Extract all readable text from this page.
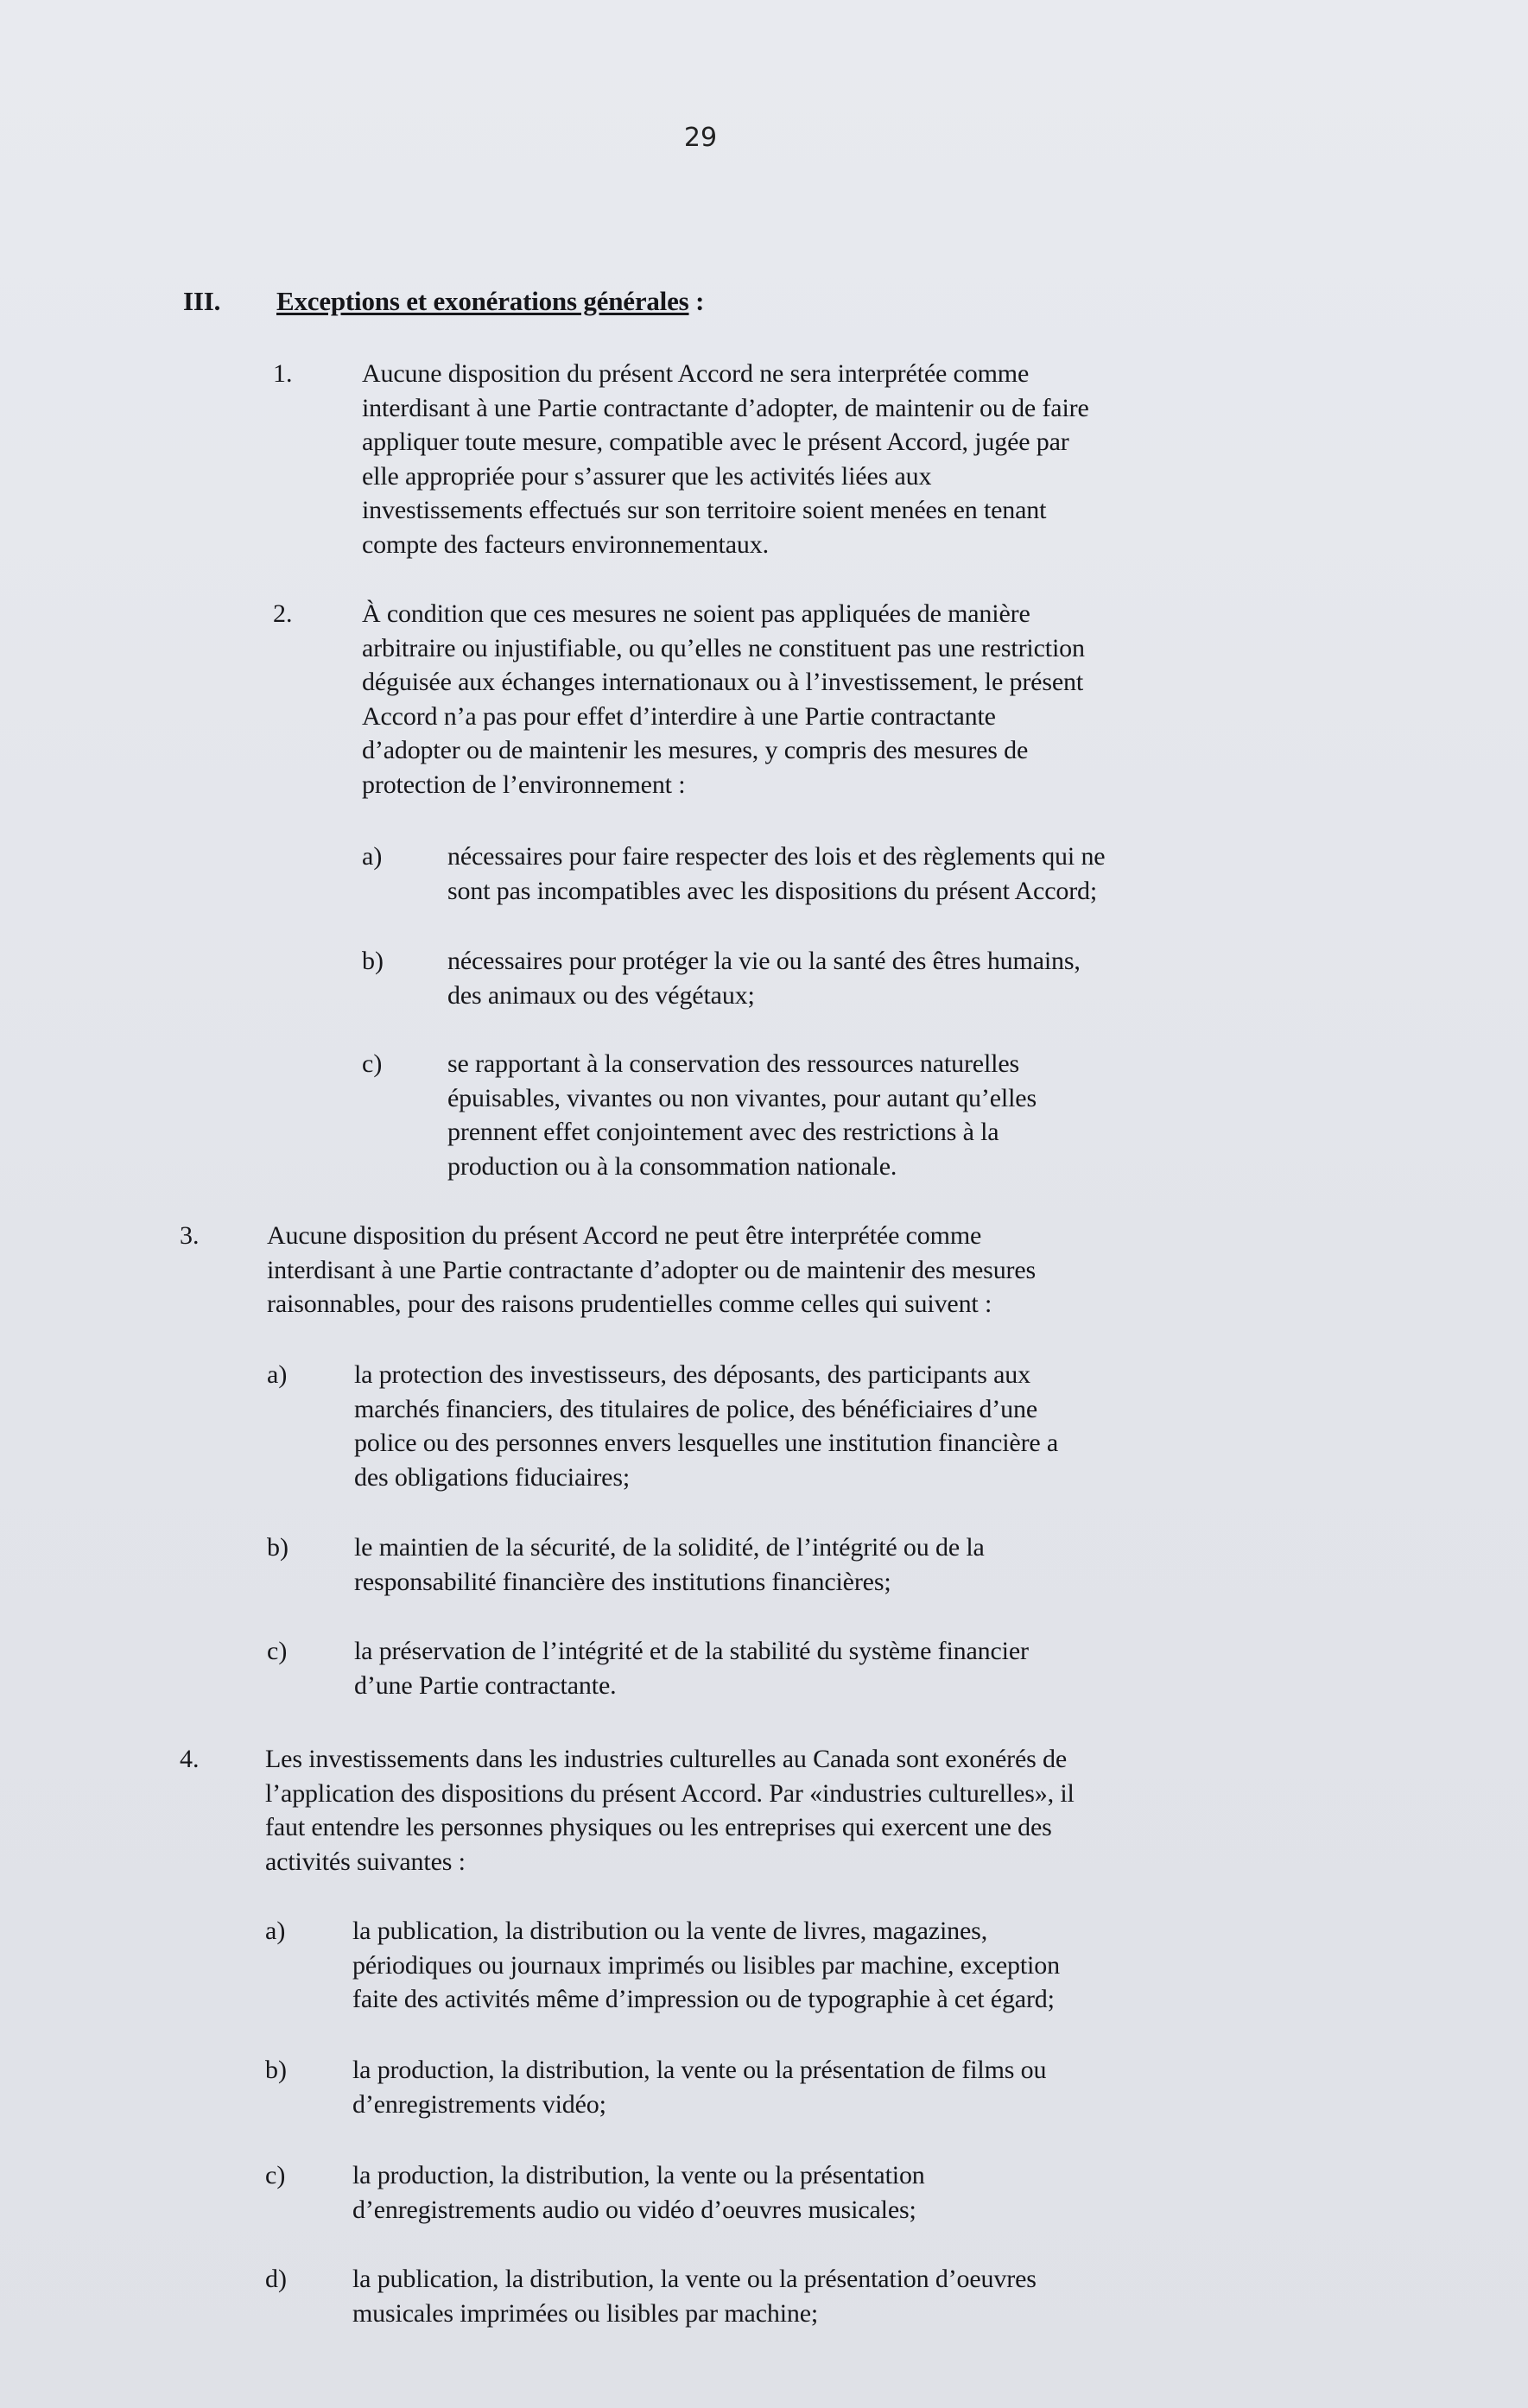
29
III. Exceptions et exonérations générales :
1.	Aucune disposition du présent Accord ne sera interprétée comme
interdisant à une Partie contractante d’adopter, de maintenir ou de faire
appliquer toute mesure, compatible avec le présent Accord, jugée par
elle appropriée pour s’assurer que les activités liées aux
investissements effectués sur son territoire soient menées en tenant
compte des facteurs environnementaux.
2.	À condition que ces mesures ne soient pas appliquées de manière
arbitraire ou injustifiable, ou qu’elles ne constituent pas une restriction
déguisée aux échanges internationaux ou à l’investissement, le présent
Accord n’a pas pour effet d’interdire à une Partie contractante
d’adopter ou de maintenir les mesures, y compris des mesures de
protection de l’environnement :
a)	nécessaires pour faire respecter des lois et des règlements qui ne
sont pas incompatibles avec les dispositions du présent Accord;
b) nécessaires pour protéger la vie ou la santé des êtres humains,
des animaux ou des végétaux;
c)	se rapportant à la conservation des ressources naturelles
épuisables, vivantes ou non vivantes, pour autant qu’elles
prennent effet conjointement avec des restrictions à la
production ou à la consommation nationale.
3.	Aucune disposition du présent Accord ne peut être interprétée comme
interdisant à une Partie contractante d’adopter ou de maintenir des mesures
raisonnables, pour des raisons prudentielles comme celles qui suivent :
a)	la protection des investisseurs, des déposants, des participants aux
marchés financiers, des titulaires de police, des bénéficiaires d’une
police ou des personnes envers lesquelles une institution financière a
des obligations fiduciaires;
b)	le maintien de la sécurité, de la solidité, de l’intégrité ou de la
responsabilité financière des institutions financières;
c)	la préservation de l’intégrité et de la stabilité du système financier
d’une Partie contractante.
4.	Les investissements dans les industries culturelles au Canada sont exonérés de
l’application des dispositions du présent Accord. Par «industries culturelles», il
faut entendre les personnes physiques ou les entreprises qui exercent une des
activités suivantes :
a)	la publication, la distribution ou la vente de livres, magazines,
périodiques ou journaux imprimés ou lisibles par machine, exception
faite des activités même d’impression ou de typographie à cet égard;
b)	la production, la distribution, la vente ou la présentation de films ou
d’enregistrements vidéo;
c)	la production, la distribution, la vente ou la présentation
d’enregistrements audio ou vidéo d’oeuvres musicales;
d)	la publication, la distribution, la vente ou la présentation d’oeuvres
musicales imprimées ou lisibles par machine;
